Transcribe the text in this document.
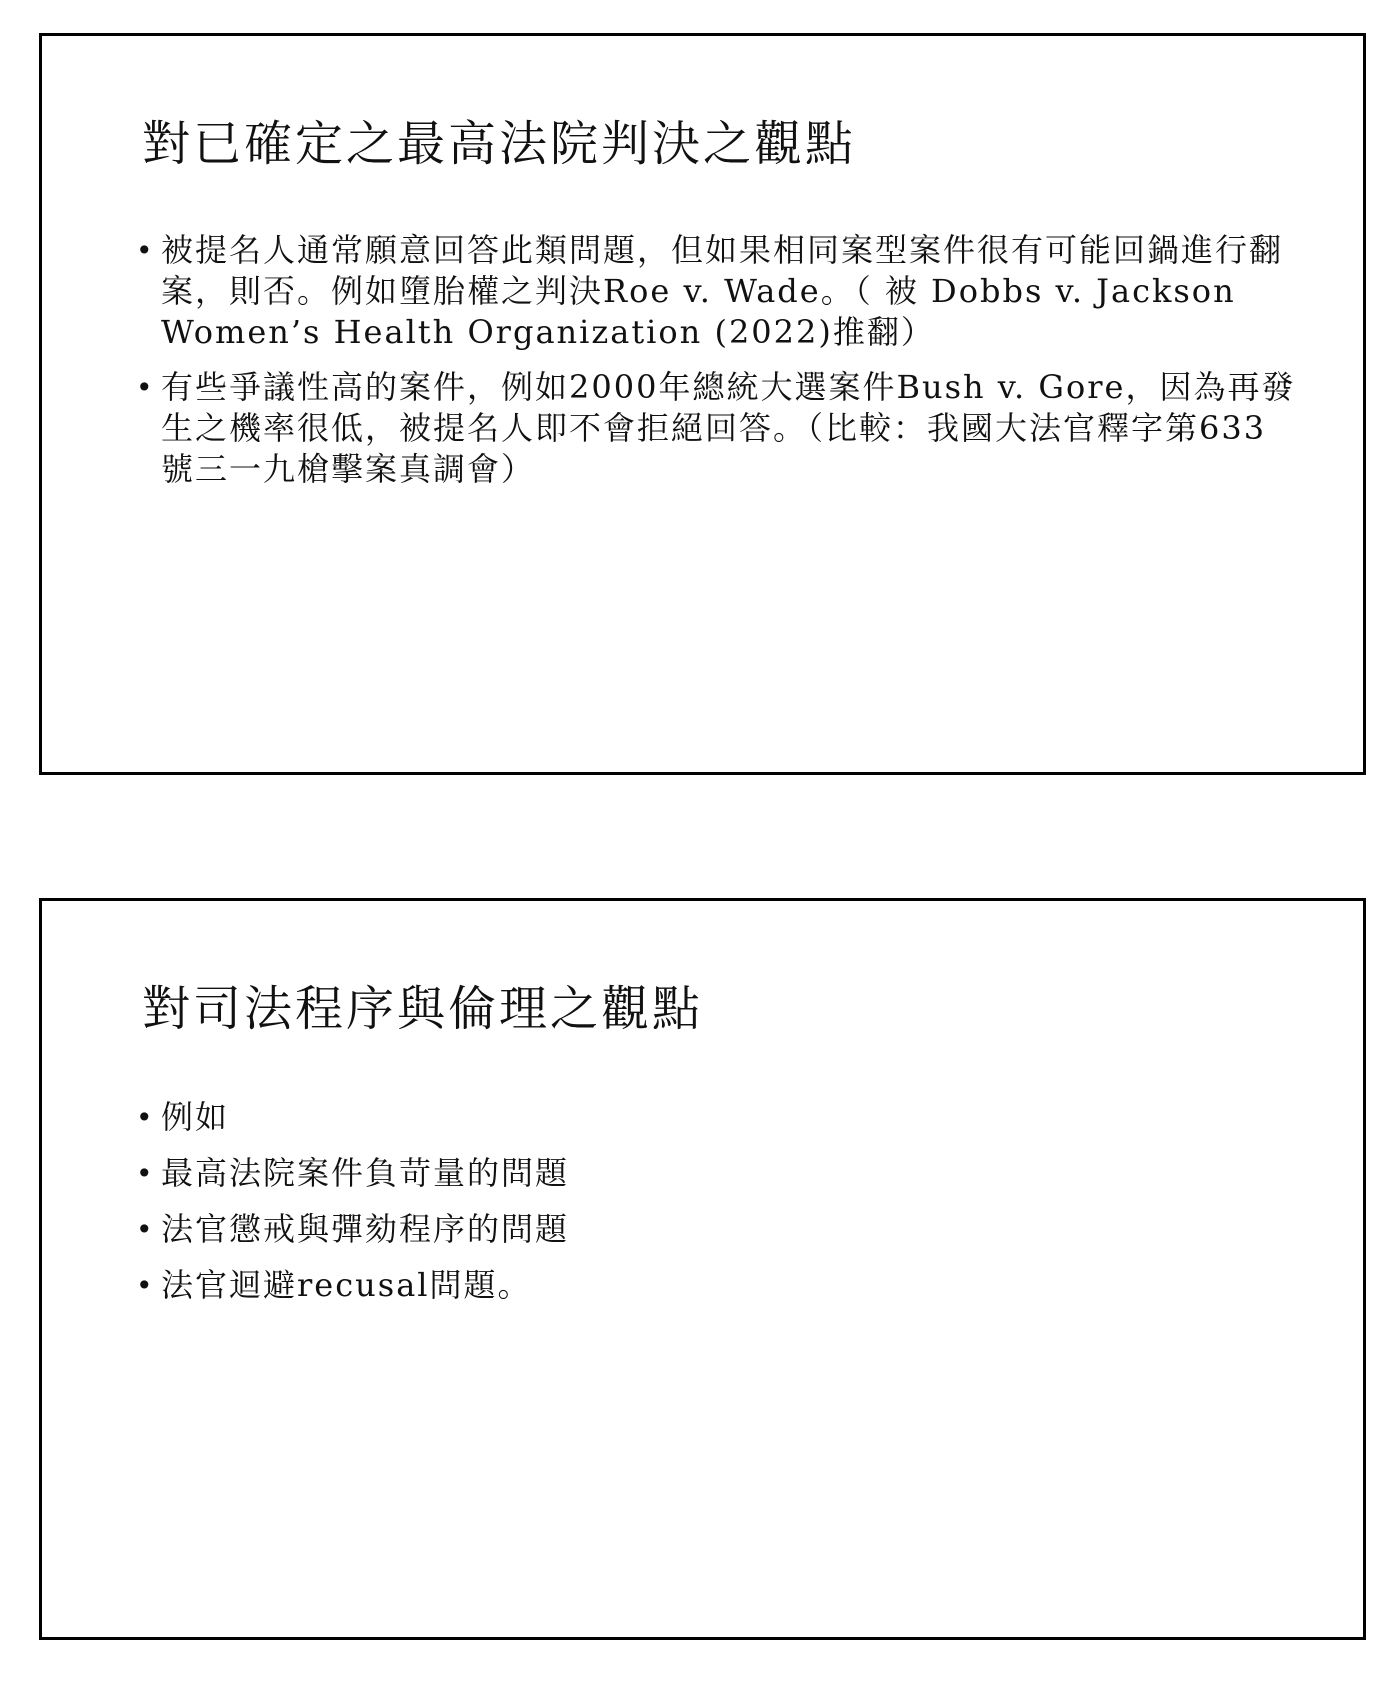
對已確定之最高法院判決之觀點
• 被提名人通常願意回答此類問題，但如果相同案型案件很有可能回鍋進行翻案，則否。例如墮胎權之判決Roe v. Wade。（ 被 Dobbs v. Jackson Women’s Health Organization (2022)推翻）
• 有些爭議性高的案件，例如2000年總統大選案件Bush v. Gore，因為再發生之機率很低，被提名人即不會拒絕回答。（比較：我國大法官釋字第633號三一九槍擊案真調會）
對司法程序與倫理之觀點
• 例如
• 最高法院案件負苛量的問題
• 法官懲戒與彈劾程序的問題
• 法官迴避recusal問題。
